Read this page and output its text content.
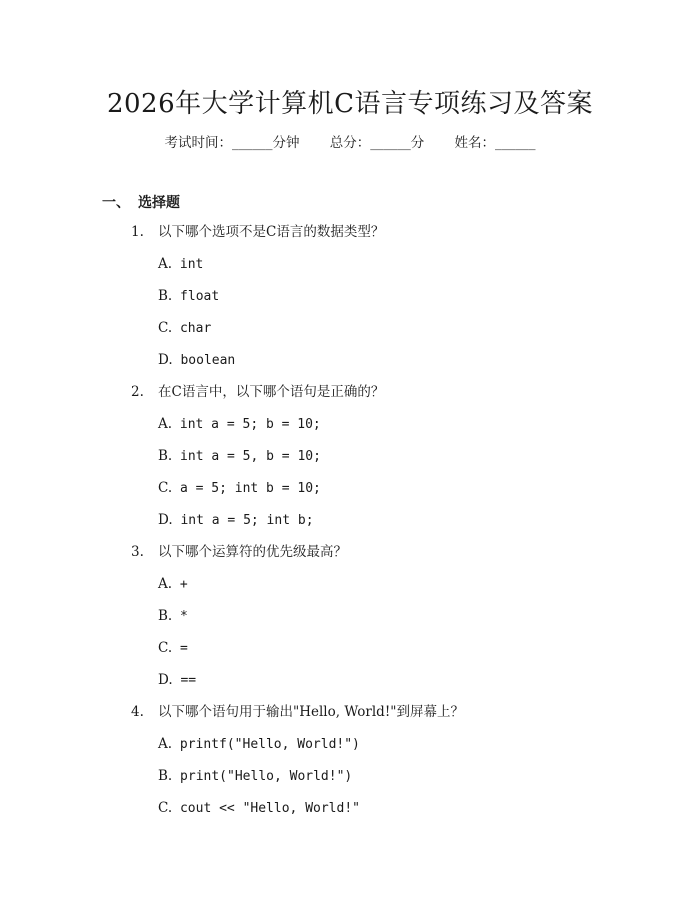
2026年大学计算机C语言专项练习及答案
考试时间：______分钟 总分：______分 姓名：______
一、 选择题
1. 以下哪个选项不是C语言的数据类型？
A. int
B. float
C. char
D. boolean
2. 在C语言中，以下哪个语句是正确的？
A. int a = 5; b = 10;
B. int a = 5, b = 10;
C. a = 5; int b = 10;
D. int a = 5; int b;
3. 以下哪个运算符的优先级最高？
A. +
B. *
C. =
D. ==
4. 以下哪个语句用于输出"Hello, World!"到屏幕上？
A. printf("Hello, World!")
B. print("Hello, World!")
C. cout << "Hello, World!"
